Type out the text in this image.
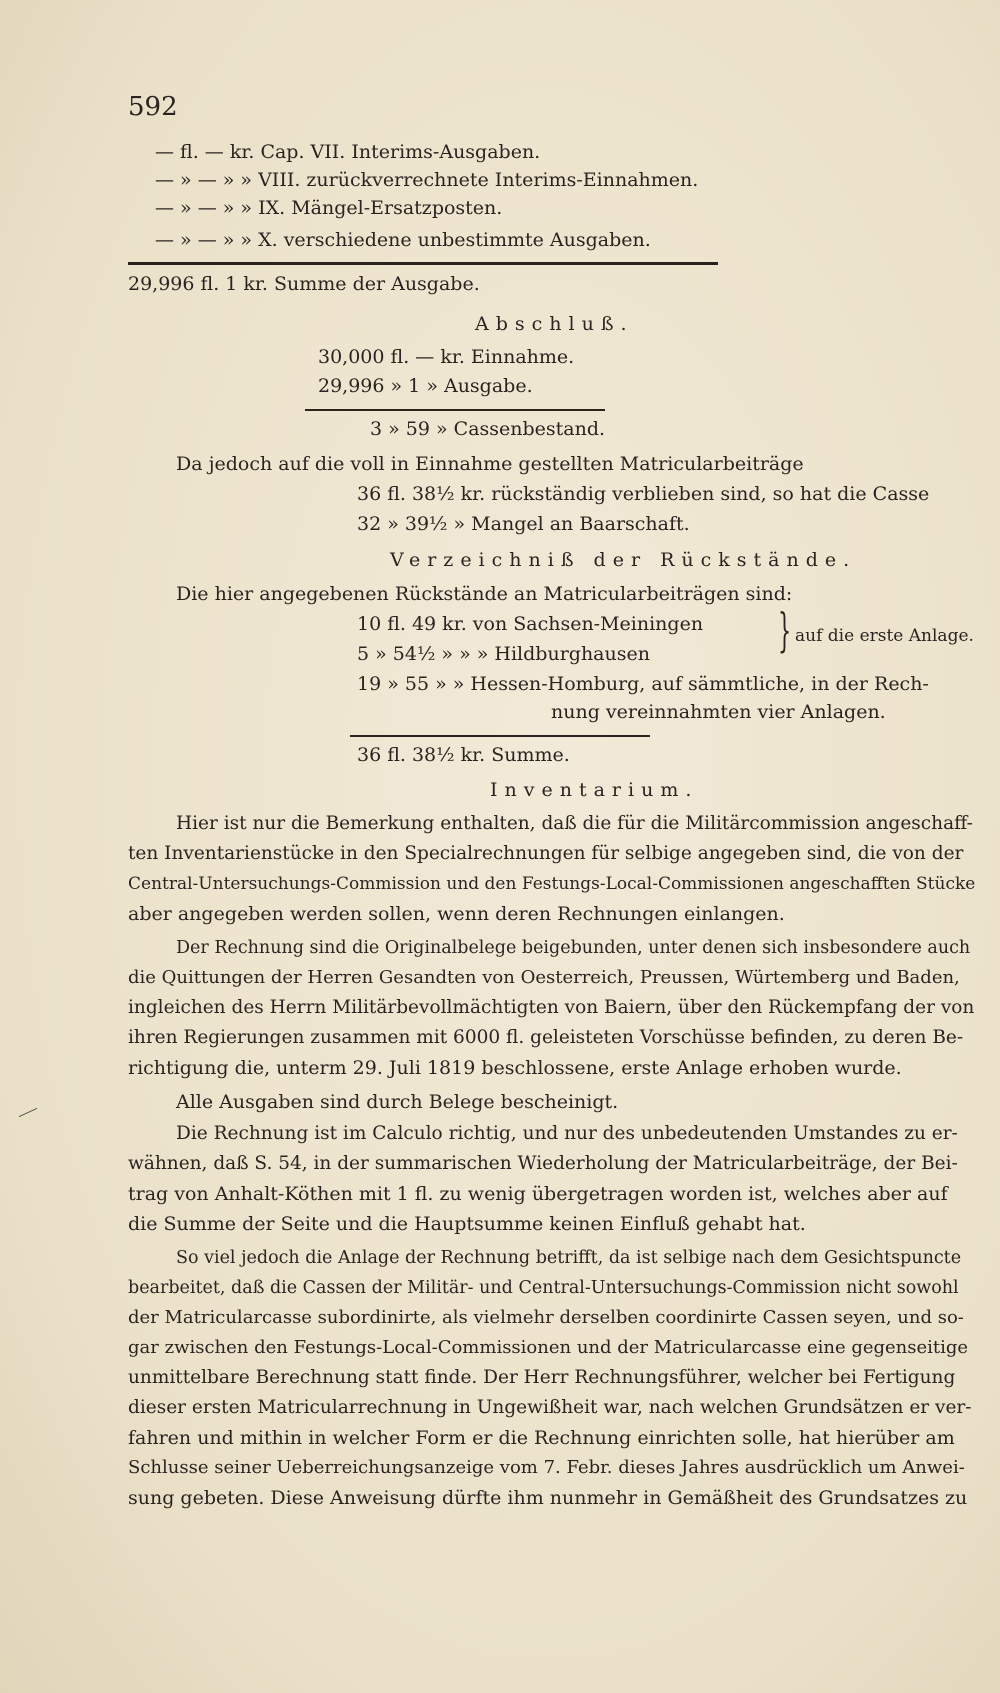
592
— fl. — kr. Cap. VII. Interims-Ausgaben.
— » — » » VIII. zurückverrechnete Interims-Einnahmen.
— » — » » IX. Mängel-Ersatzposten.
— » — » » X. verschiedene unbestimmte Ausgaben.
29,996 fl. 1 kr. Summe der Ausgabe.
Abschluß.
30,000 fl. — kr. Einnahme.
29,996 » 1 » Ausgabe.
3 » 59 » Cassenbestand.
Da jedoch auf die voll in Einnahme gestellten Matricularbeiträge
36 fl. 38½ kr. rückständig verblieben sind, so hat die Casse
32 » 39½ » Mangel an Baarschaft.
Verzeichniß der Rückstände.
Die hier angegebenen Rückstände an Matricularbeiträgen sind:
10 fl. 49 kr. von Sachsen-Meiningen
5 » 54½ » » » Hildburghausen	} auf die erste Anlage.
19 » 55 » » Hessen-Homburg, auf sämmtliche, in der Rech-
nung vereinnahmten vier Anlagen.
36 fl. 38½ kr. Summe.
Inventarium.
Hier ist nur die Bemerkung enthalten, daß die für die Militärcommission angeschaff-
ten Inventarienstücke in den Specialrechnungen für selbige angegeben sind, die von der
Central-Untersuchungs-Commission und den Festungs-Local-Commissionen angeschafften Stücke
aber angegeben werden sollen, wenn deren Rechnungen einlangen.
Der Rechnung sind die Originalbelege beigebunden, unter denen sich insbesondere auch
die Quittungen der Herren Gesandten von Oesterreich, Preussen, Würtemberg und Baden,
ingleichen des Herrn Militärbevollmächtigten von Baiern, über den Rückempfang der von
ihren Regierungen zusammen mit 6000 fl. geleisteten Vorschüsse befinden, zu deren Be-
richtigung die, unterm 29. Juli 1819 beschlossene, erste Anlage erhoben wurde.
Alle Ausgaben sind durch Belege bescheinigt.
Die Rechnung ist im Calculo richtig, und nur des unbedeutenden Umstandes zu er-
wähnen, daß S. 54, in der summarischen Wiederholung der Matricularbeiträge, der Bei-
trag von Anhalt-Köthen mit 1 fl. zu wenig übergetragen worden ist, welches aber auf
die Summe der Seite und die Hauptsumme keinen Einfluß gehabt hat.
So viel jedoch die Anlage der Rechnung betrifft, da ist selbige nach dem Gesichtspuncte
bearbeitet, daß die Cassen der Militär- und Central-Untersuchungs-Commission nicht sowohl
der Matricularcasse subordinirte, als vielmehr derselben coordinirte Cassen seyen, und so-
gar zwischen den Festungs-Local-Commissionen und der Matricularcasse eine gegenseitige
unmittelbare Berechnung statt finde. Der Herr Rechnungsführer, welcher bei Fertigung
dieser ersten Matricularrechnung in Ungewißheit war, nach welchen Grundsätzen er ver-
fahren und mithin in welcher Form er die Rechnung einrichten solle, hat hierüber am
Schlusse seiner Ueberreichungsanzeige vom 7. Febr. dieses Jahres ausdrücklich um Anwei-
sung gebeten. Diese Anweisung dürfte ihm nunmehr in Gemäßheit des Grundsatzes zu
